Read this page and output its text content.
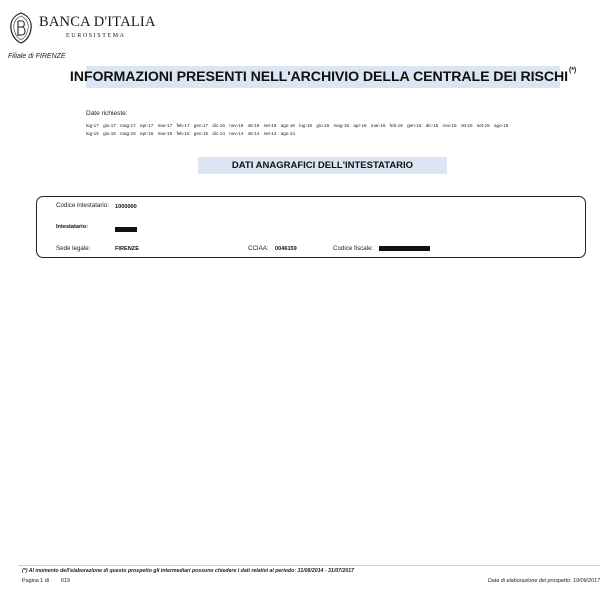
BANCA D'ITALIA
EUROSISTEMA
Filiale di FIRENZE
INFORMAZIONI PRESENTI NELL'ARCHIVIO DELLA CENTRALE DEI RISCHI(*)
Date richieste:
lug-17 giu-17 mag-17 apr-17 mar-17 feb-17 gen-17 dic-16 nov-16 ott-16 set-16 ago-16 lug-16 giu-16 mag-16 apr-16 mar-16 feb-16 gen-16 dic-15 nov-15 ott-15 set-15 ago-15
lug-15 giu-15 mag-15 apr-15 mar-15 feb-15 gen-15 dic-14 nov-14 ott-14 set-14 ago-14
DATI ANAGRAFICI DELL'INTESTATARIO
Codice intestatario: 1000000
Intestatario:
Sede legale:	FIRENZE	CCIAA: 0046159	Codice fiscale:
(*) Al momento dell'elaborazione di questo prospetto gli intermediari possono chiedere i dati relativi al periodo: 31/08/2014 - 31/07/2017
Pagina 1 di 619	Data di elaborazione del prospetto: 19/09/2017
